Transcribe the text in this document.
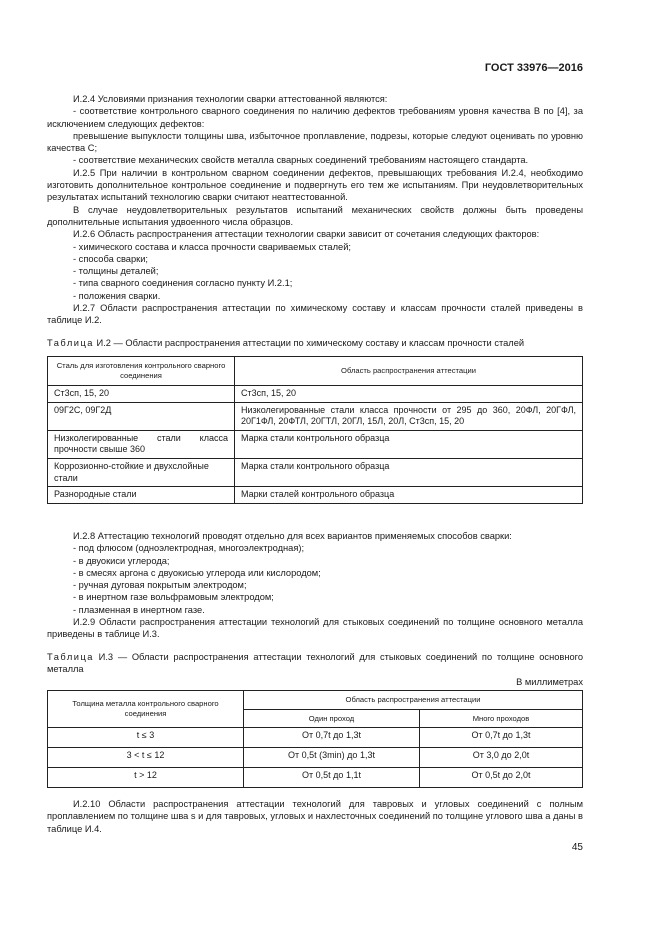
ГОСТ 33976—2016

И.2.4 Условиями признания технологии сварки аттестованной являются:

- соответствие контрольного сварного соединения по наличию дефектов требованиям уровня качества В по [4], за исключением следующих дефектов:

превышение выпуклости толщины шва, избыточное проплавление, подрезы, которые следуют оценивать по уровню качества С;

- соответствие механических свойств металла сварных соединений требованиям настоящего стандарта.

И.2.5 При наличии в контрольном сварном соединении дефектов, превышающих требования И.2.4, необходимо изготовить дополнительное контрольное соединение и подвергнуть его тем же испытаниям. При неудовлетворительных результатах испытаний технологию сварки считают неаттестованной.

В случае неудовлетворительных результатов испытаний механических свойств должны быть проведены дополнительные испытания удвоенного числа образцов.

И.2.6 Область распространения аттестации технологии сварки зависит от сочетания следующих факторов:

- химического состава и класса прочности свариваемых сталей;

- способа сварки;

- толщины деталей;

- типа сварного соединения согласно пункту И.2.1;

- положения сварки.

И.2.7 Области распространения аттестации по химическому составу и классам прочности сталей приведены в таблице И.2.

Таблица И.2 — Области распространения аттестации по химическому составу и классам прочности сталей
Сталь для изготовления контрольного сварного соединения	Область распространения аттестации
Ст3сп, 15, 20	Ст3сп, 15, 20
09Г2С, 09Г2Д	Низколегированные стали класса прочности от 295 до 360, 20ФЛ, 20ГФЛ, 20Г1ФЛ, 20ФТЛ, 20ГТЛ, 20ГЛ, 15Л, 20Л, Ст3сп, 15, 20
Низколегированные стали класса прочности свыше 360	Марка стали контрольного образца
Коррозионно-стойкие и двухслойные стали	Марка стали контрольного образца
Разнородные стали	Марки сталей контрольного образца

И.2.8 Аттестацию технологий проводят отдельно для всех вариантов применяемых способов сварки:

- под флюсом (одноэлектродная, многоэлектродная);

- в двуокиси углерода;

- в смесях аргона с двуокисью углерода или кислородом;

- ручная дуговая покрытым электродом;

- в инертном газе вольфрамовым электродом;

- плазменная в инертном газе.

И.2.9 Области распространения аттестации технологий для стыковых соединений по толщине основного металла приведены в таблице И.3.

Таблица И.3 — Области распространения аттестации технологий для стыковых соединений по толщине основного металла
В миллиметрах
Толщина металла контрольного сварного соединения	Область распространения аттестации	
	Один проход	Много проходов
t ≤ 3	От 0,7t до 1,3t	От 0,7t до 1,3t
3 < t ≤ 12	От 0,5t (3min) до 1,3t	От 3,0 до 2,0t
t > 12	От 0,5t до 1,1t	От 0,5t до 2,0t

И.2.10 Области распространения аттестации технологий для тавровых и угловых соединений с полным проплавлением по толщине шва s и для тавровых, угловых и нахлесточных соединений по толщине углового шва а даны в таблице И.4.

45
